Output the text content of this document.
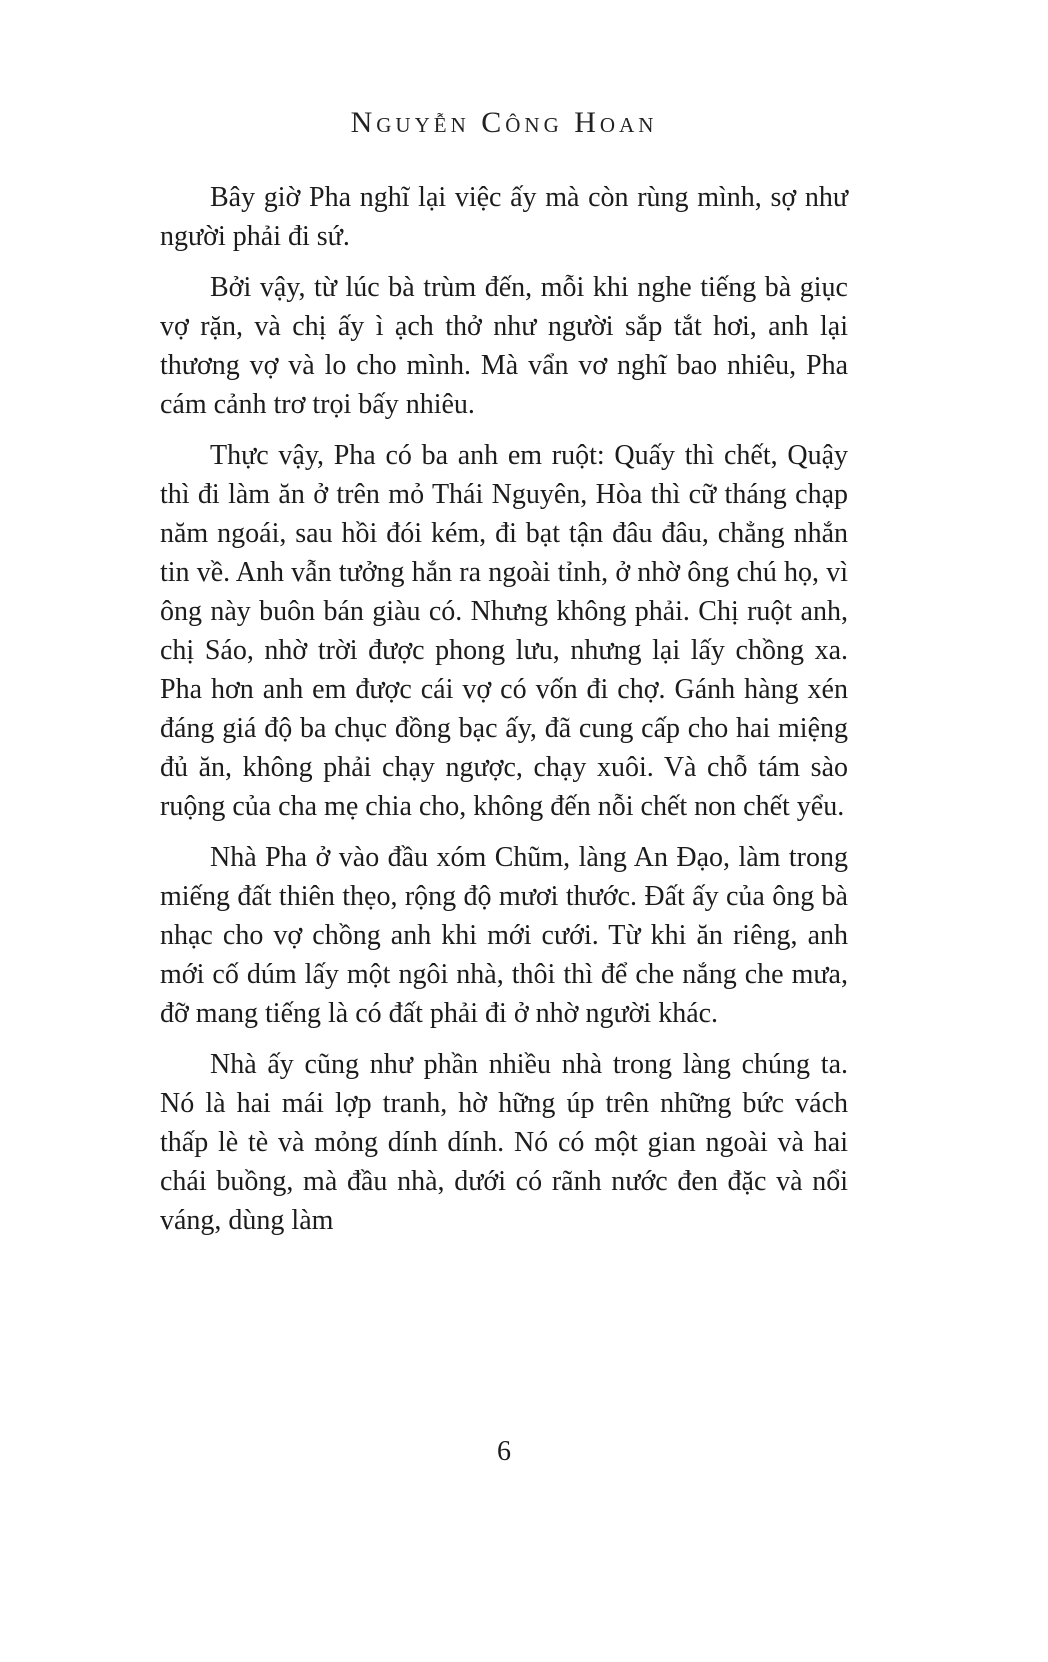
Nguyễn Công Hoan

Bây giờ Pha nghĩ lại việc ấy mà còn rùng mình, sợ như người phải đi sứ.

Bởi vậy, từ lúc bà trùm đến, mỗi khi nghe tiếng bà giục vợ rặn, và chị ấy ì ạch thở như người sắp tắt hơi, anh lại thương vợ và lo cho mình. Mà vẩn vơ nghĩ bao nhiêu, Pha cám cảnh trơ trọi bấy nhiêu.

Thực vậy, Pha có ba anh em ruột: Quấy thì chết, Quậy thì đi làm ăn ở trên mỏ Thái Nguyên, Hòa thì cữ tháng chạp năm ngoái, sau hồi đói kém, đi bạt tận đâu đâu, chẳng nhắn tin về. Anh vẫn tưởng hắn ra ngoài tỉnh, ở nhờ ông chú họ, vì ông này buôn bán giàu có. Nhưng không phải. Chị ruột anh, chị Sáo, nhờ trời được phong lưu, nhưng lại lấy chồng xa. Pha hơn anh em được cái vợ có vốn đi chợ. Gánh hàng xén đáng giá độ ba chục đồng bạc ấy, đã cung cấp cho hai miệng đủ ăn, không phải chạy ngược, chạy xuôi. Và chỗ tám sào ruộng của cha mẹ chia cho, không đến nỗi chết non chết yểu.

Nhà Pha ở vào đầu xóm Chũm, làng An Đạo, làm trong miếng đất thiên thẹo, rộng độ mươi thước. Đất ấy của ông bà nhạc cho vợ chồng anh khi mới cưới. Từ khi ăn riêng, anh mới cố dúm lấy một ngôi nhà, thôi thì để che nắng che mưa, đỡ mang tiếng là có đất phải đi ở nhờ người khác.

Nhà ấy cũng như phần nhiều nhà trong làng chúng ta. Nó là hai mái lợp tranh, hờ hững úp trên những bức vách thấp lè tè và mỏng dính dính. Nó có một gian ngoài và hai chái buồng, mà đầu nhà, dưới có rãnh nước đen đặc và nổi váng, dùng làm

6
